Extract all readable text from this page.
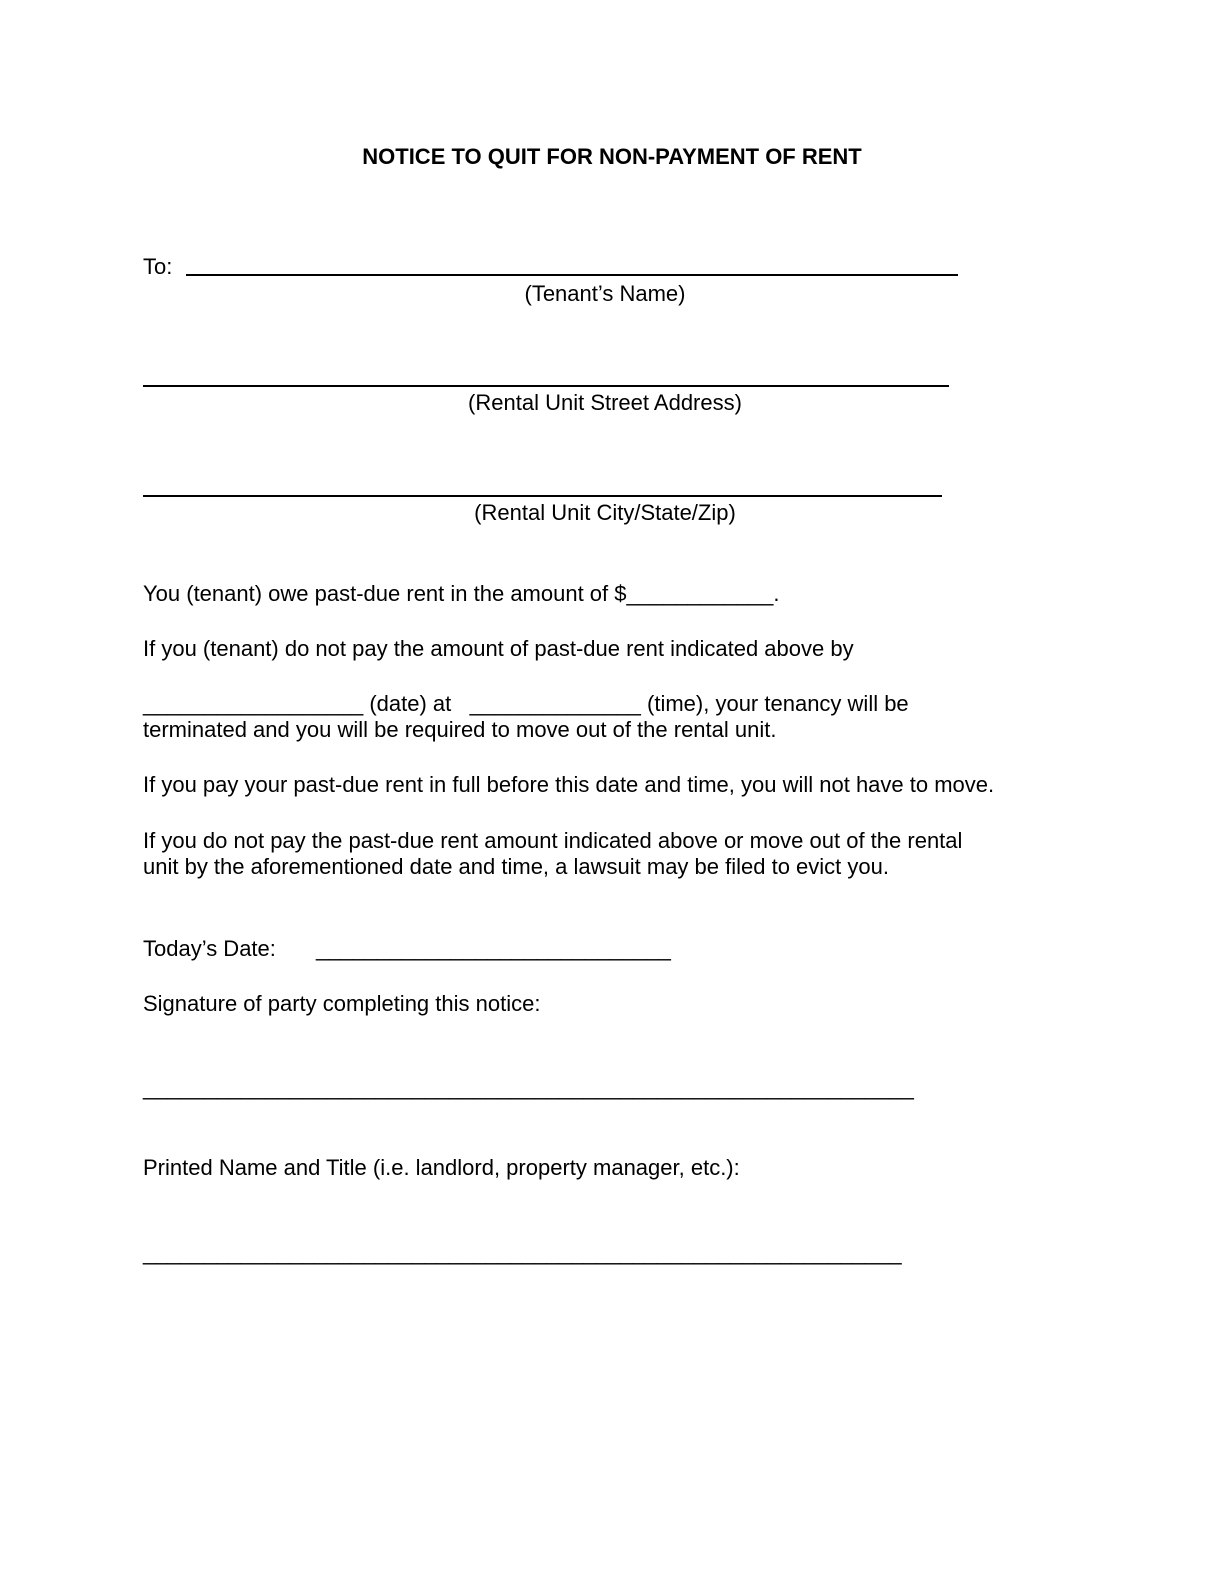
NOTICE TO QUIT FOR NON-PAYMENT OF RENT
To:
(Tenant’s Name)
(Rental Unit Street Address)
(Rental Unit City/State/Zip)
You (tenant) owe past-due rent in the amount of $____________.
If you (tenant) do not pay the amount of past-due rent indicated above by
__________________ (date) at   ______________ (time), your tenancy will be
terminated and you will be required to move out of the rental unit.
If you pay your past-due rent in full before this date and time, you will not have to move.
If you do not pay the past-due rent amount indicated above or move out of the rental
unit by the aforementioned date and time, a lawsuit may be filed to evict you.
Today’s Date: _____________________________
Signature of party completing this notice:
_______________________________________________________________
Printed Name and Title (i.e. landlord, property manager, etc.):
______________________________________________________________
